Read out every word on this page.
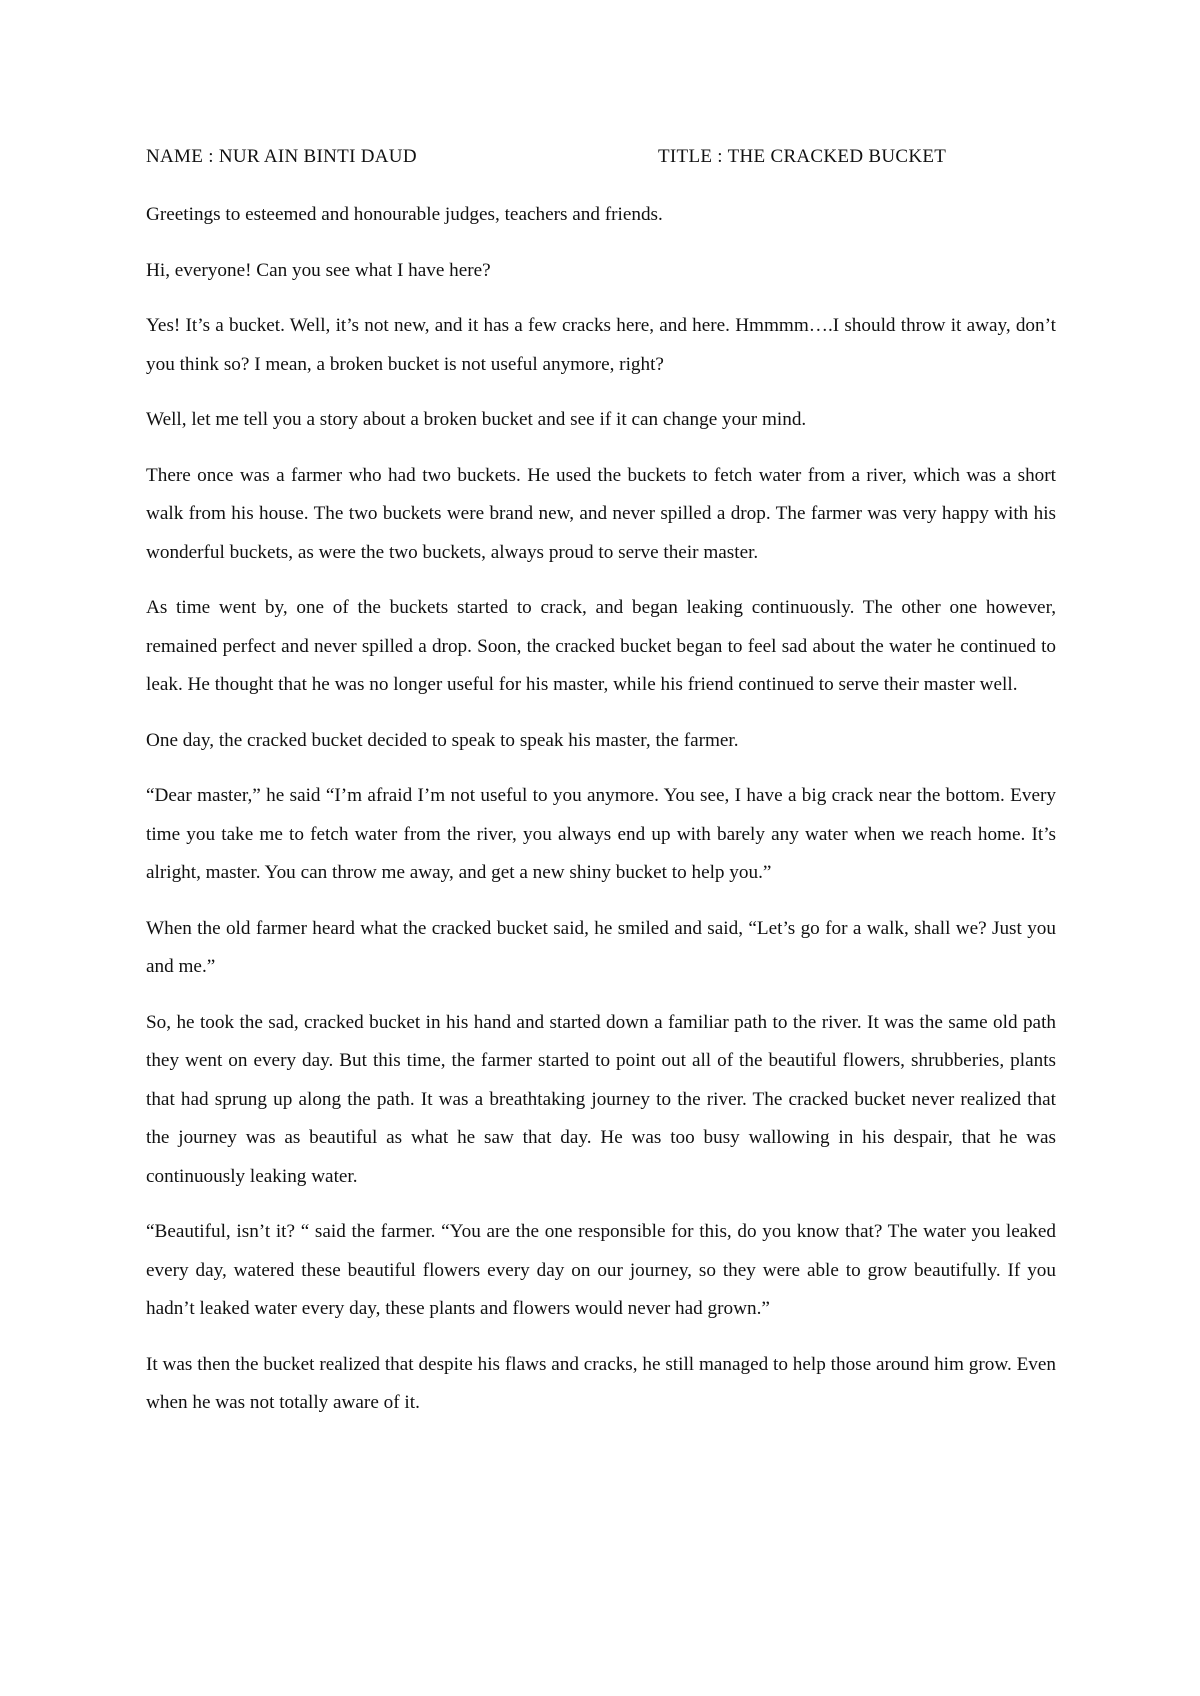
NAME : NUR AIN BINTI DAUD	TITLE : THE CRACKED BUCKET

Greetings to esteemed and honourable judges, teachers and friends.

Hi, everyone! Can you see what I have here?

Yes! It’s a bucket. Well, it’s not new, and it has a few cracks here, and here. Hmmmm….I should throw it away, don’t you think so? I mean, a broken bucket is not useful anymore, right?

Well, let me tell you a story about a broken bucket and see if it can change your mind.

There once was a farmer who had two buckets. He used the buckets to fetch water from a river, which was a short walk from his house. The two buckets were brand new, and never spilled a drop. The farmer was very happy with his wonderful buckets, as were the two buckets, always proud to serve their master.

As time went by, one of the buckets started to crack, and began leaking continuously. The other one however, remained perfect and never spilled a drop. Soon, the cracked bucket began to feel sad about the water he continued to leak. He thought that he was no longer useful for his master, while his friend continued to serve their master well.

One day, the cracked bucket decided to speak to speak his master, the farmer.

“Dear master,” he said “I’m afraid I’m not useful to you anymore. You see, I have a big crack near the bottom. Every time you take me to fetch water from the river, you always end up with barely any water when we reach home. It’s alright, master. You can throw me away, and get a new shiny bucket to help you.”

When the old farmer heard what the cracked bucket said, he smiled and said, “Let’s go for a walk, shall we? Just you and me.”

So, he took the sad, cracked bucket in his hand and started down a familiar path to the river. It was the same old path they went on every day. But this time, the farmer started to point out all of the beautiful flowers, shrubberies, plants that had sprung up along the path. It was a breathtaking journey to the river. The cracked bucket never realized that the journey was as beautiful as what he saw that day. He was too busy wallowing in his despair, that he was continuously leaking water.

“Beautiful, isn’t it? “ said the farmer. “You are the one responsible for this, do you know that? The water you leaked every day, watered these beautiful flowers every day on our journey, so they were able to grow beautifully. If you hadn’t leaked water every day, these plants and flowers would never had grown.”

It was then the bucket realized that despite his flaws and cracks, he still managed to help those around him grow. Even when he was not totally aware of it.
